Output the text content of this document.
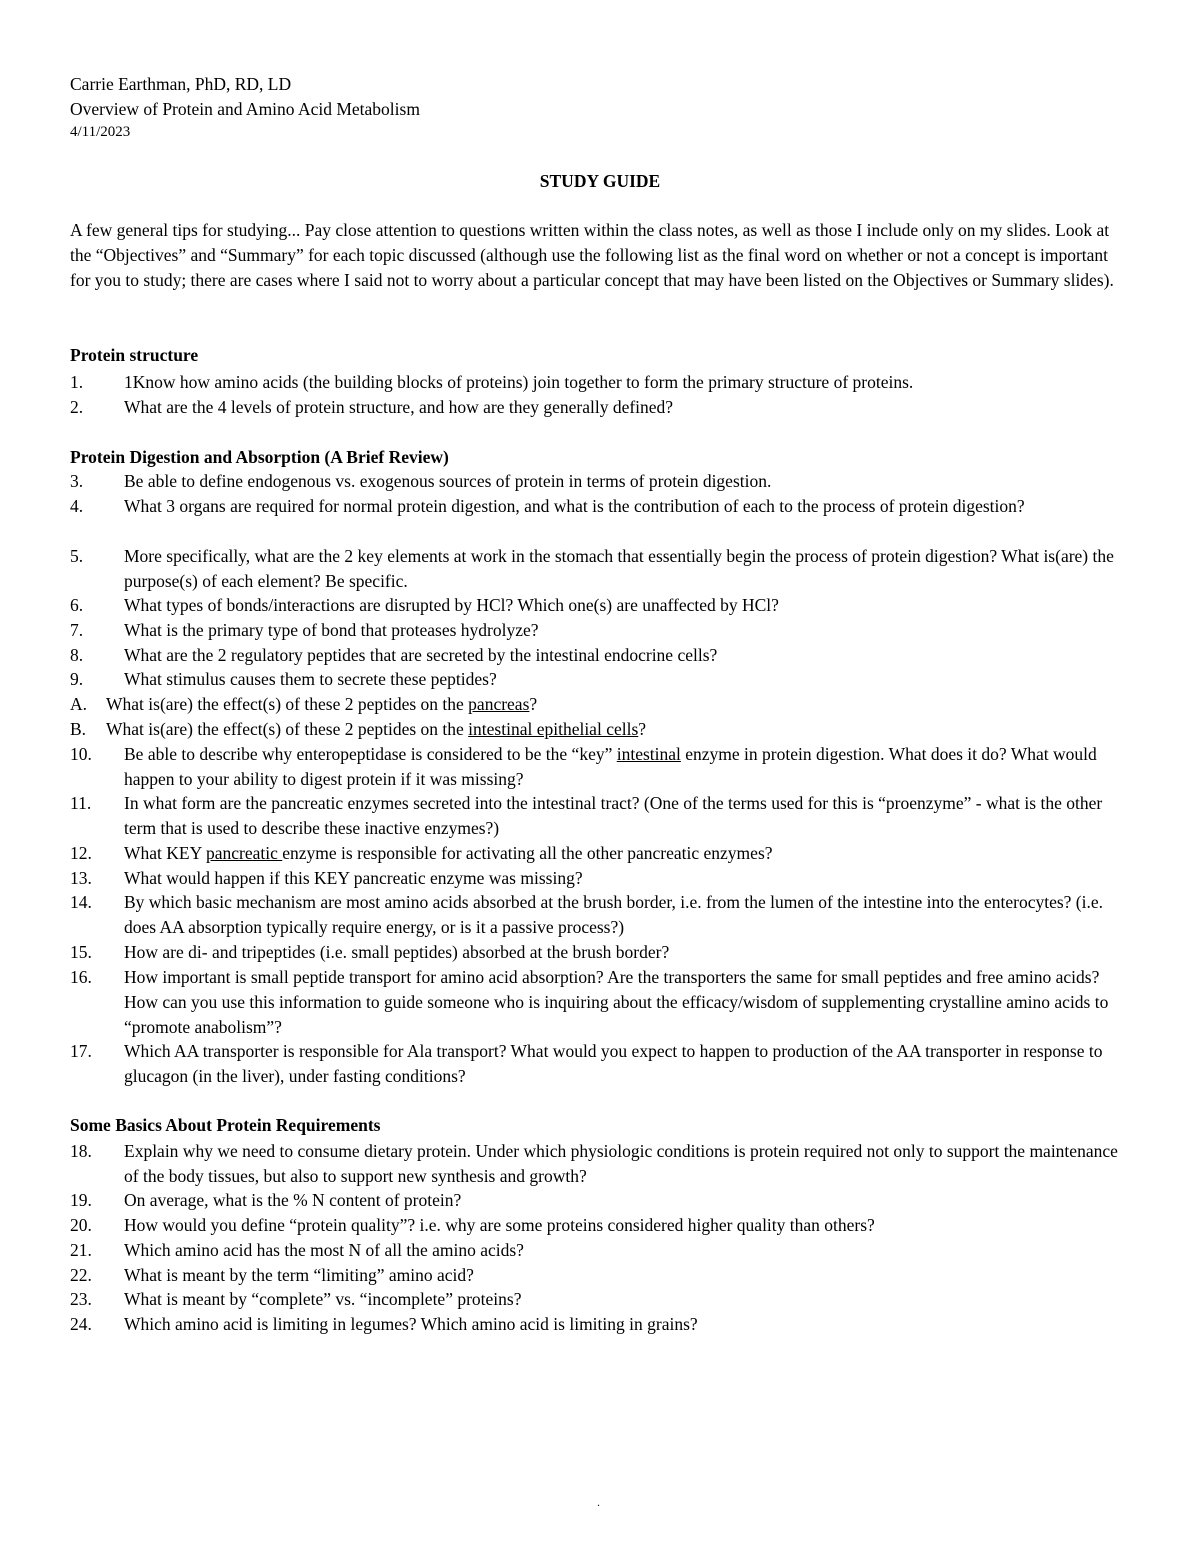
Carrie Earthman, PhD, RD, LD
Overview of Protein and Amino Acid Metabolism
4/11/2023
STUDY GUIDE
A few general tips for studying... Pay close attention to questions written within the class notes, as well as those I include only on my slides. Look at the “Objectives” and “Summary” for each topic discussed (although use the following list as the final word on whether or not a concept is important for you to study; there are cases where I said not to worry about a particular concept that may have been listed on the Objectives or Summary slides).
Protein structure
1. 1Know how amino acids (the building blocks of proteins) join together to form the primary structure of proteins.
2. What are the 4 levels of protein structure, and how are they generally defined?
Protein Digestion and Absorption (A Brief Review)
3. Be able to define endogenous vs. exogenous sources of protein in terms of protein digestion.
4. What 3 organs are required for normal protein digestion, and what is the contribution of each to the process of protein digestion?
5. More specifically, what are the 2 key elements at work in the stomach that essentially begin the process of protein digestion? What is(are) the purpose(s) of each element? Be specific.
6. What types of bonds/interactions are disrupted by HCl? Which one(s) are unaffected by HCl?
7. What is the primary type of bond that proteases hydrolyze?
8. What are the 2 regulatory peptides that are secreted by the intestinal endocrine cells?
9. What stimulus causes them to secrete these peptides?
A. What is(are) the effect(s) of these 2 peptides on the pancreas?
B. What is(are) the effect(s) of these 2 peptides on the intestinal epithelial cells?
10. Be able to describe why enteropeptidase is considered to be the “key” intestinal enzyme in protein digestion. What does it do? What would happen to your ability to digest protein if it was missing?
11. In what form are the pancreatic enzymes secreted into the intestinal tract? (One of the terms used for this is “proenzyme” - what is the other term that is used to describe these inactive enzymes?)
12. What KEY pancreatic enzyme is responsible for activating all the other pancreatic enzymes?
13. What would happen if this KEY pancreatic enzyme was missing?
14. By which basic mechanism are most amino acids absorbed at the brush border, i.e. from the lumen of the intestine into the enterocytes? (i.e. does AA absorption typically require energy, or is it a passive process?)
15. How are di- and tripeptides (i.e. small peptides) absorbed at the brush border?
16. How important is small peptide transport for amino acid absorption? Are the transporters the same for small peptides and free amino acids? How can you use this information to guide someone who is inquiring about the efficacy/wisdom of supplementing crystalline amino acids to “promote anabolism”?
17. Which AA transporter is responsible for Ala transport? What would you expect to happen to production of the AA transporter in response to glucagon (in the liver), under fasting conditions?
Some Basics About Protein Requirements
18. Explain why we need to consume dietary protein. Under which physiologic conditions is protein required not only to support the maintenance of the body tissues, but also to support new synthesis and growth?
19. On average, what is the % N content of protein?
20. How would you define “protein quality”? i.e. why are some proteins considered higher quality than others?
21. Which amino acid has the most N of all the amino acids?
22. What is meant by the term “limiting” amino acid?
23. What is meant by “complete” vs. “incomplete” proteins?
24. Which amino acid is limiting in legumes? Which amino acid is limiting in grains?
.
